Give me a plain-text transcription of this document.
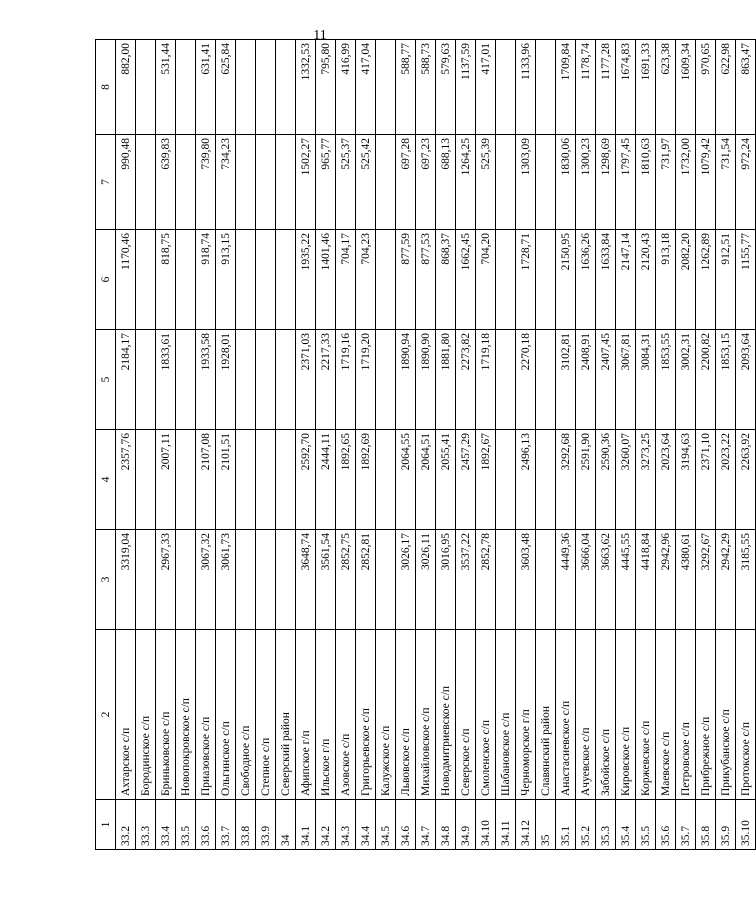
11
1	2	3	4	5	6	7	8
33.2	Ахтарское с/п	3319,04	2357,76	2184,17	1170,46	990,48	882,00
33.3	Бородинское с/п						
33.4	Бриньковское с/п	2967,33	2007,11	1833,61	818,75	639,83	531,44
33.5	Новопокровское с/п						
33.6	Приазовское с/п	3067,32	2107,08	1933,58	918,74	739,80	631,41
33.7	Ольгинское с/п	3061,73	2101,51	1928,01	913,15	734,23	625,84
33.8	Свободное с/п						
33.9	Степное с/п						
34	Северский район						
34.1	Афипское г/п	3648,74	2592,70	2371,03	1935,22	1502,27	1332,53
34.2	Ильское г/п	3561,54	2444,11	2217,33	1401,46	965,77	795,80
34.3	Азовское с/п	2852,75	1892,65	1719,16	704,17	525,37	416,99
34.4	Григорьевское с/п	2852,81	1892,69	1719,20	704,23	525,42	417,04
34.5	Калужское с/п						
34.6	Львовское с/п	3026,17	2064,55	1890,94	877,59	697,28	588,77
34.7	Михайловское с/п	3026,11	2064,51	1890,90	877,53	697,23	588,73
34.8	Новодмитриевское с/п	3016,95	2055,41	1881,80	868,37	688,13	579,63
34.9	Северское с/п	3537,22	2457,29	2273,82	1662,45	1264,25	1137,59
34.10	Смоленское с/п	2852,78	1892,67	1719,18	704,20	525,39	417,01
34.11	Шабановское с/п						
34.12	Черноморское г/п	3603,48	2496,13	2270,18	1728,71	1303,09	1133,96
35	Славянский район						
35.1	Анастасиевское с/п	4449,36	3292,68	3102,81	2150,95	1830,06	1709,84
35.2	Ачуевское с/п	3666,04	2591,90	2408,91	1636,26	1300,23	1178,74
35.3	Забойское с/п	3663,62	2590,36	2407,45	1633,84	1298,69	1177,28
35.4	Кировское с/п	4445,55	3260,07	3067,81	2147,14	1797,45	1674,83
35.5	Коржевское с/п	4418,84	3273,25	3084,31	2120,43	1810,63	1691,33
35.6	Маевское с/п	2942,96	2023,64	1853,55	913,18	731,97	623,38
35.7	Петровское с/п	4380,61	3194,63	3002,31	2082,20	1732,00	1609,34
35.8	Прибрежное с/п	3292,67	2371,10	2200,82	1262,89	1079,42	970,65
35.9	Прикубанское с/п	2942,29	2023,22	1853,15	912,51	731,54	622,98
35.10	Протокское с/п	3185,55	2263,92	2093,64	1155,77	972,24	863,47
